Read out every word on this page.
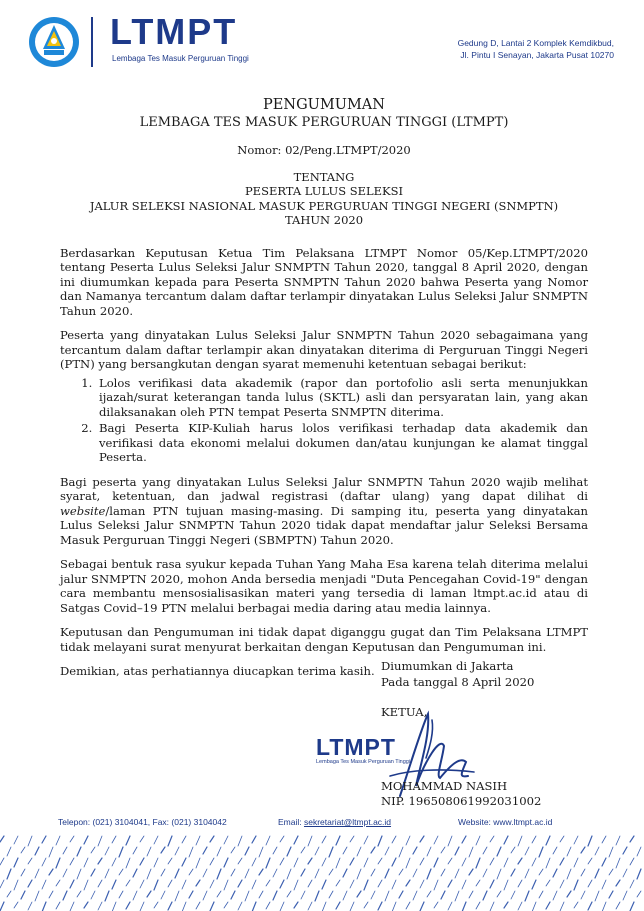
LTMPT
Lembaga Tes Masuk Perguruan Tinggi
Gedung D, Lantai 2 Komplek Kemdikbud,
Jl. Pintu I Senayan, Jakarta Pusat 10270
PENGUMUMAN
LEMBAGA TES MASUK PERGURUAN TINGGI (LTMPT)
Nomor: 02/Peng.LTMPT/2020
TENTANG
PESERTA LULUS SELEKSI
JALUR SELEKSI NASIONAL MASUK PERGURUAN TINGGI NEGERI (SNMPTN)
TAHUN 2020

Berdasarkan Keputusan Ketua Tim Pelaksana LTMPT Nomor 05/Kep.LTMPT/2020 tentang Peserta Lulus Seleksi Jalur SNMPTN Tahun 2020, tanggal 8 April 2020, dengan ini diumumkan kepada para Peserta SNMPTN Tahun 2020 bahwa Peserta yang Nomor dan Namanya tercantum dalam daftar terlampir dinyatakan Lulus Seleksi Jalur SNMPTN Tahun 2020.

Peserta yang dinyatakan Lulus Seleksi Jalur SNMPTN Tahun 2020 sebagaimana yang tercantum dalam daftar terlampir akan dinyatakan diterima di Perguruan Tinggi Negeri (PTN) yang bersangkutan dengan syarat memenuhi ketentuan sebagai berikut:

1. Lolos verifikasi data akademik (rapor dan portofolio asli serta menunjukkan ijazah/surat keterangan tanda lulus (SKTL) asli dan persyaratan lain, yang akan dilaksanakan oleh PTN tempat Peserta SNMPTN diterima.
2. Bagi Peserta KIP-Kuliah harus lolos verifikasi terhadap data akademik dan verifikasi data ekonomi melalui dokumen dan/atau kunjungan ke alamat tinggal Peserta.

Bagi peserta yang dinyatakan Lulus Seleksi Jalur SNMPTN Tahun 2020 wajib melihat syarat, ketentuan, dan jadwal registrasi (daftar ulang) yang dapat dilihat di website/laman PTN tujuan masing-masing. Di samping itu, peserta yang dinyatakan Lulus Seleksi Jalur SNMPTN Tahun 2020 tidak dapat mendaftar jalur Seleksi Bersama Masuk Perguruan Tinggi Negeri (SBMPTN) Tahun 2020.

Sebagai bentuk rasa syukur kepada Tuhan Yang Maha Esa karena telah diterima melalui jalur SNMPTN 2020, mohon Anda bersedia menjadi "Duta Pencegahan Covid-19" dengan cara membantu mensosialisasikan materi yang tersedia di laman ltmpt.ac.id atau di Satgas Covid–19 PTN melalui berbagai media daring atau media lainnya.

Keputusan dan Pengumuman ini tidak dapat diganggu gugat dan Tim Pelaksana LTMPT tidak melayani surat menyurat berkaitan dengan Keputusan dan Pengumuman ini.

Demikian, atas perhatiannya diucapkan terima kasih. Diumumkan di Jakarta
Pada tanggal 8 April 2020
KETUA,
LTMPT
Lembaga Tes Masuk Perguruan Tinggi
MOHAMMAD NASIH
NIP. 196508061992031002
Telepon: (021) 3104041, Fax: (021) 3104042	Email: sekretariat@ltmpt.ac.id	Website: www.ltmpt.ac.id
